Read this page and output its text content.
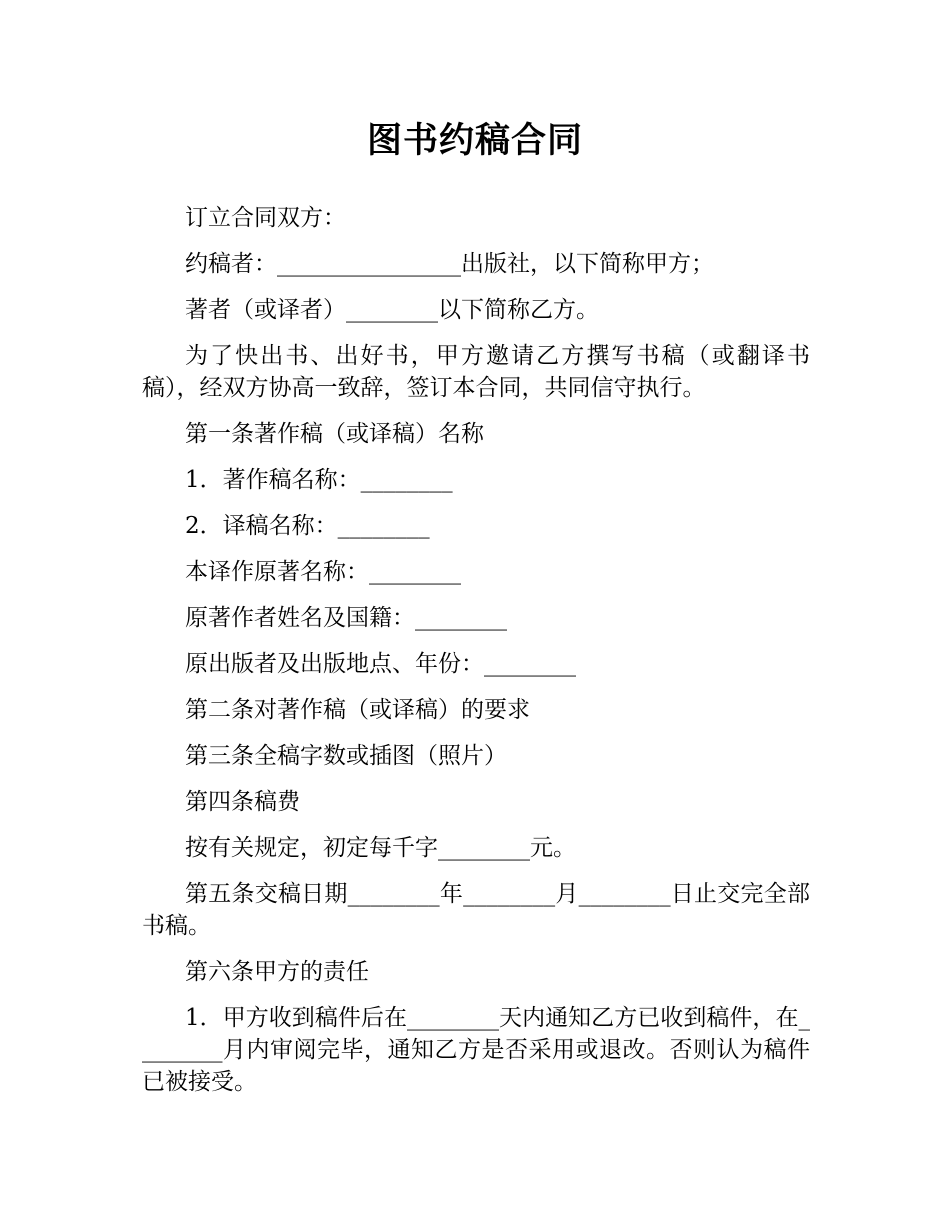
图书约稿合同

订立合同双方：

约稿者：________________出版社，以下简称甲方；

著者（或译者）________以下简称乙方。

为了快出书、出好书，甲方邀请乙方撰写书稿（或翻译书稿），经双方协高一致辞，签订本合同，共同信守执行。

第一条著作稿（或译稿）名称

1．著作稿名称：________

2．译稿名称：________

本译作原著名称：________

原著作者姓名及国籍：________

原出版者及出版地点、年份：________

第二条对著作稿（或译稿）的要求

第三条全稿字数或插图（照片）

第四条稿费

按有关规定，初定每千字________元。

第五条交稿日期________年________月________日止交完全部书稿。

第六条甲方的责任

1．甲方收到稿件后在________天内通知乙方已收到稿件，在________月内审阅完毕，通知乙方是否采用或退改。否则认为稿件已被接受。
